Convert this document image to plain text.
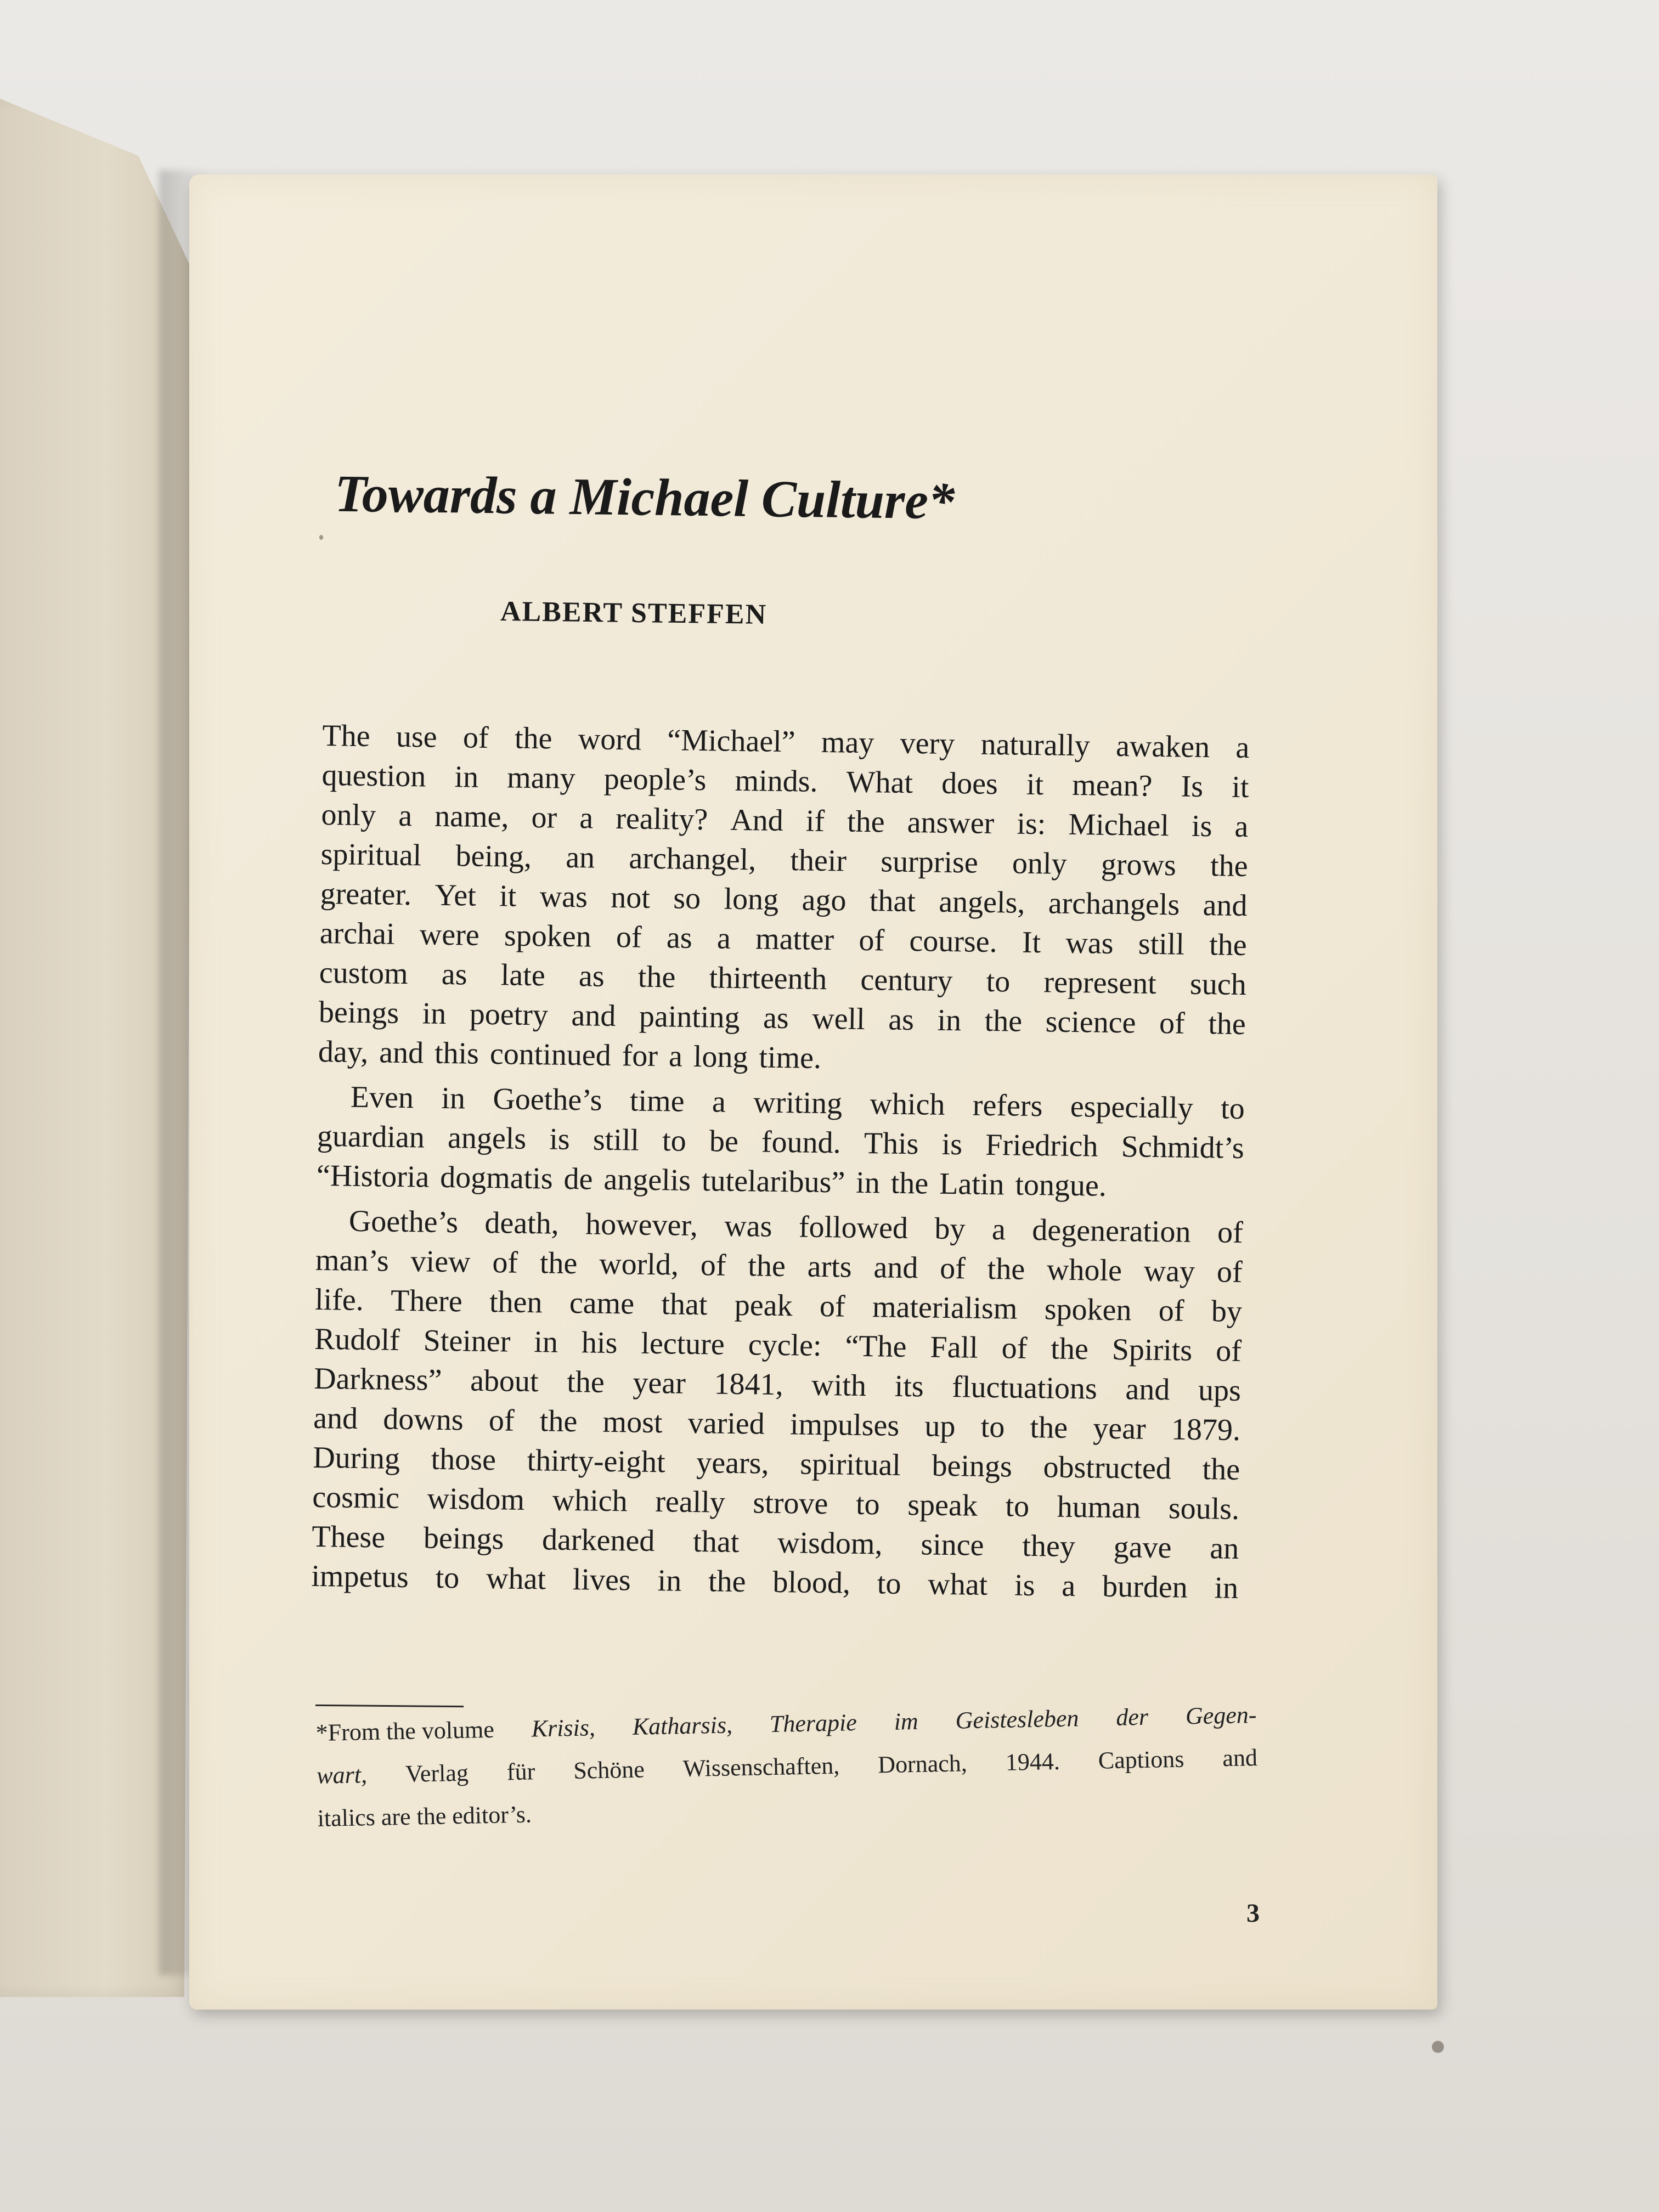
Towards a Michael Culture*
ALBERT STEFFEN
The use of the word “Michael” may very naturally awaken a
question in many people’s minds. What does it mean? Is it
only a name, or a reality? And if the answer is: Michael is a
spiritual being, an archangel, their surprise only grows the
greater. Yet it was not so long ago that angels, archangels and
archai were spoken of as a matter of course. It was still the
custom as late as the thirteenth century to represent such
beings in poetry and painting as well as in the science of the
day, and this continued for a long time.
Even in Goethe’s time a writing which refers especially to
guardian angels is still to be found. This is Friedrich Schmidt’s
“Historia dogmatis de angelis tutelaribus” in the Latin tongue.
Goethe’s death, however, was followed by a degeneration of
man’s view of the world, of the arts and of the whole way of
life. There then came that peak of materialism spoken of by
Rudolf Steiner in his lecture cycle: “The Fall of the Spirits of
Darkness” about the year 1841, with its fluctuations and ups
and downs of the most varied impulses up to the year 1879.
During those thirty-eight years, spiritual beings obstructed the
cosmic wisdom which really strove to speak to human souls.
These beings darkened that wisdom, since they gave an
impetus to what lives in the blood, to what is a burden in
*From the volume Krisis, Katharsis, Therapie im Geistesleben der Gegen-
wart, Verlag für Schöne Wissenschaften, Dornach, 1944. Captions and
italics are the editor’s.
3
